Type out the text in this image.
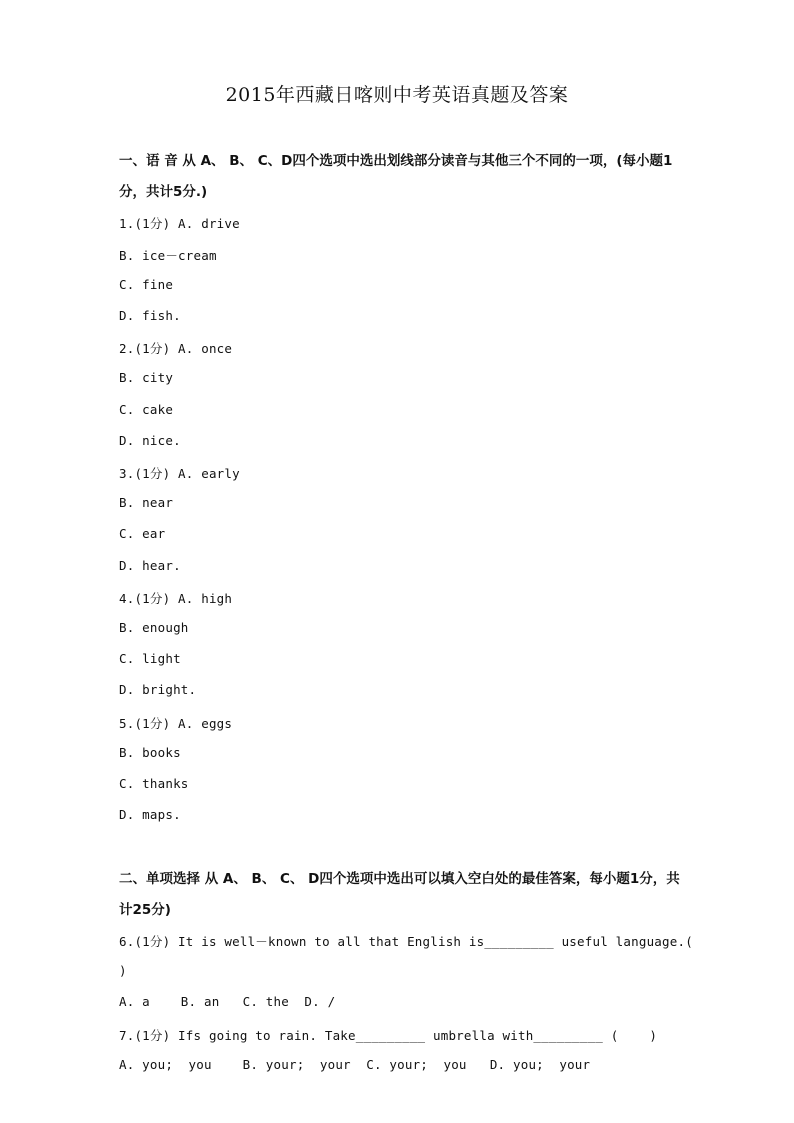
2015年西藏日喀则中考英语真题及答案
一、语 音 从 A、 B、 C、D四个选项中选出划线部分读音与其他三个不同的一项，(每小题1分，共计5分.)
1.(1分) A. drive
B. ice－cream
C. fine
D. fish.
2.(1分) A. once
B. city
C. cake
D. nice.
3.(1分) A. early
B. near
C. ear
D. hear.
4.(1分) A. high
B. enough
C. light
D. bright.
5.(1分) A. eggs
B. books
C. thanks
D. maps.
二、单项选择 从 A、 B、 C、 D四个选项中选出可以填入空白处的最佳答案，每小题1分，共计25分)
6.(1分) It is well－known to all that English is_________ useful language.(
)
A. a    B. an   C. the  D. /
7.(1分) Ifs going to rain. Take_________ umbrella with_________ (    )
A. you;  you    B. your;  your  C. your;  you   D. you;  your
